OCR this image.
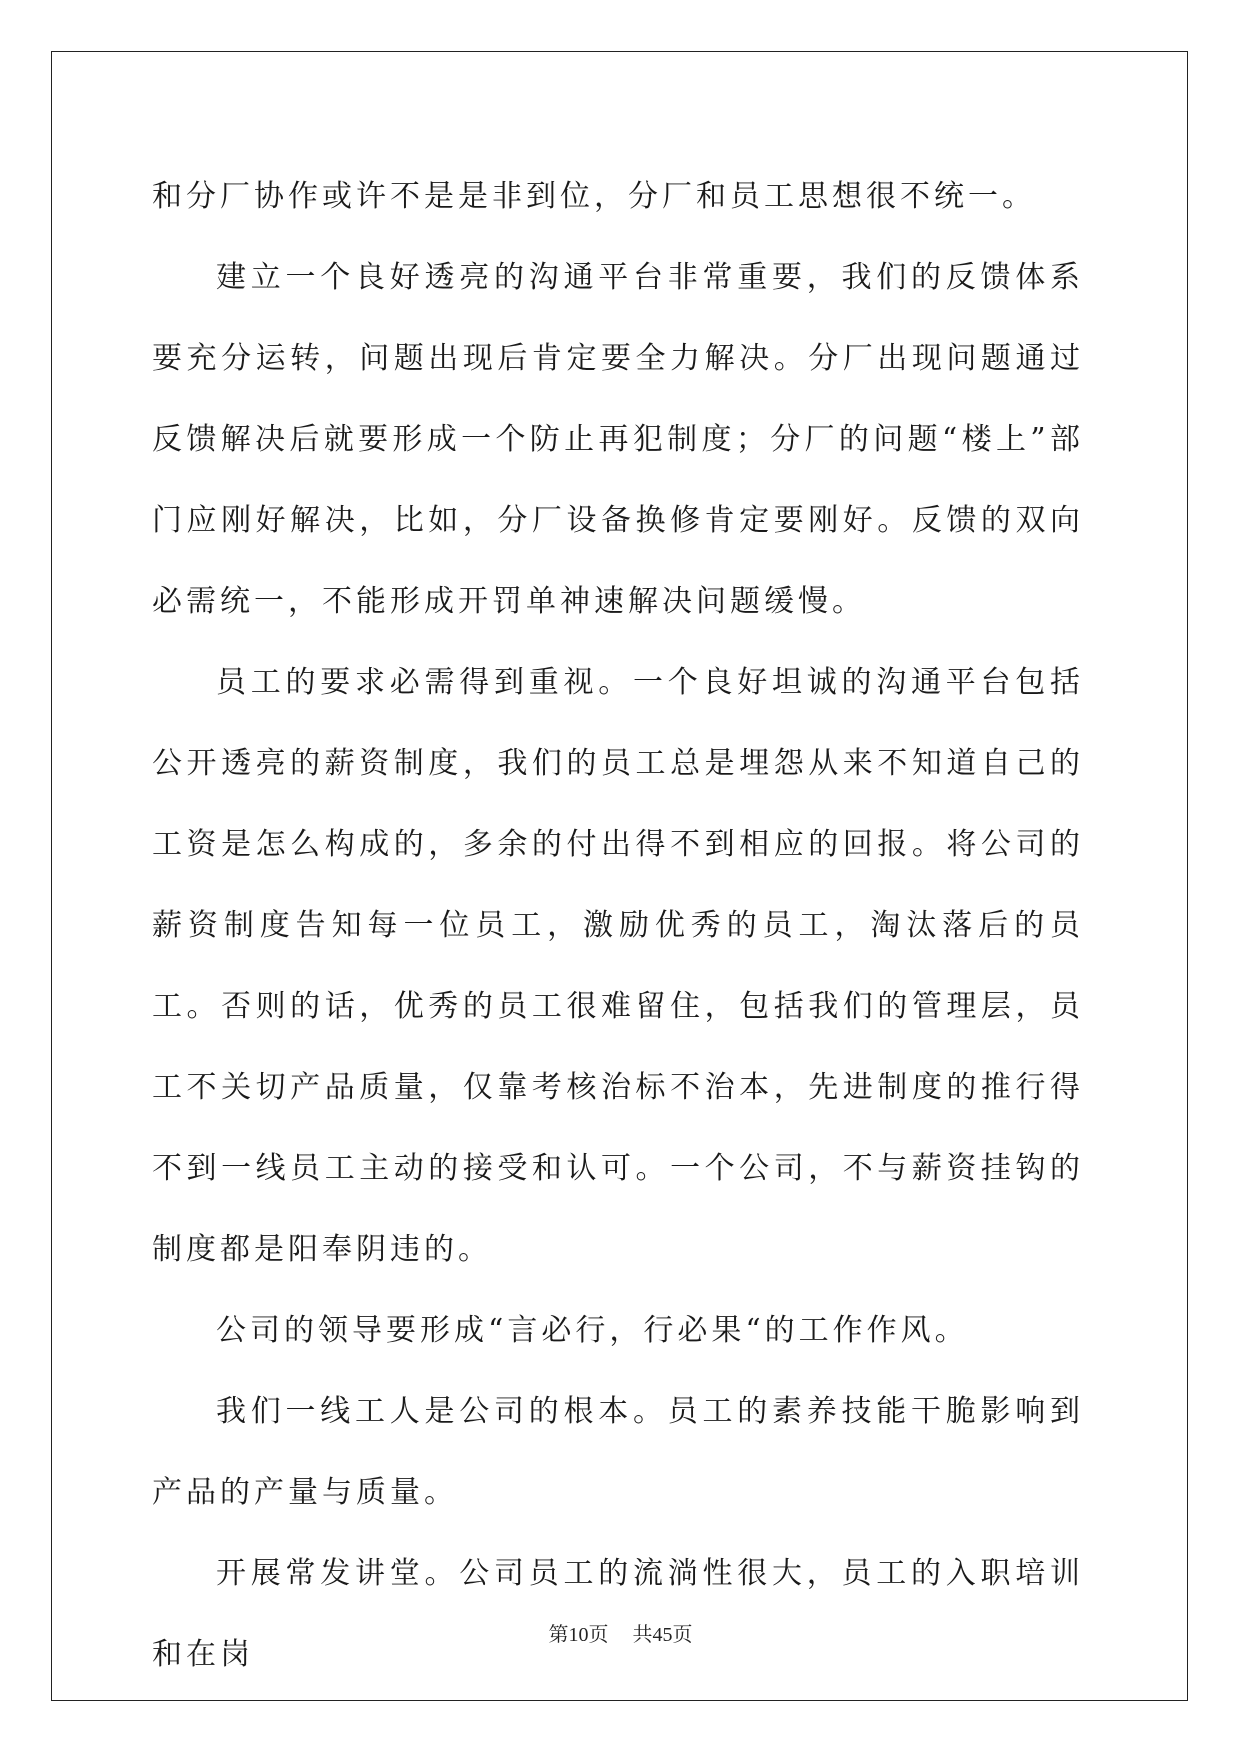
和分厂协作或许不是是非到位，分厂和员工思想很不统一。

建立一个良好透亮的沟通平台非常重要，我们的反馈体系要充分运转，问题出现后肯定要全力解决。分厂出现问题通过反馈解决后就要形成一个防止再犯制度；分厂的问题“楼上”部门应刚好解决，比如，分厂设备换修肯定要刚好。反馈的双向必需统一，不能形成开罚单神速解决问题缓慢。

员工的要求必需得到重视。一个良好坦诚的沟通平台包括公开透亮的薪资制度，我们的员工总是埋怨从来不知道自己的工资是怎么构成的，多余的付出得不到相应的回报。将公司的薪资制度告知每一位员工，激励优秀的员工，淘汰落后的员工。否则的话，优秀的员工很难留住，包括我们的管理层，员工不关切产品质量，仅靠考核治标不治本，先进制度的推行得不到一线员工主动的接受和认可。一个公司，不与薪资挂钩的制度都是阳奉阴违的。

公司的领导要形成“言必行，行必果“的工作作风。

我们一线工人是公司的根本。员工的素养技能干脆影响到产品的产量与质量。

开展常发讲堂。公司员工的流淌性很大，员工的入职培训和在岗

第10页 共45页
